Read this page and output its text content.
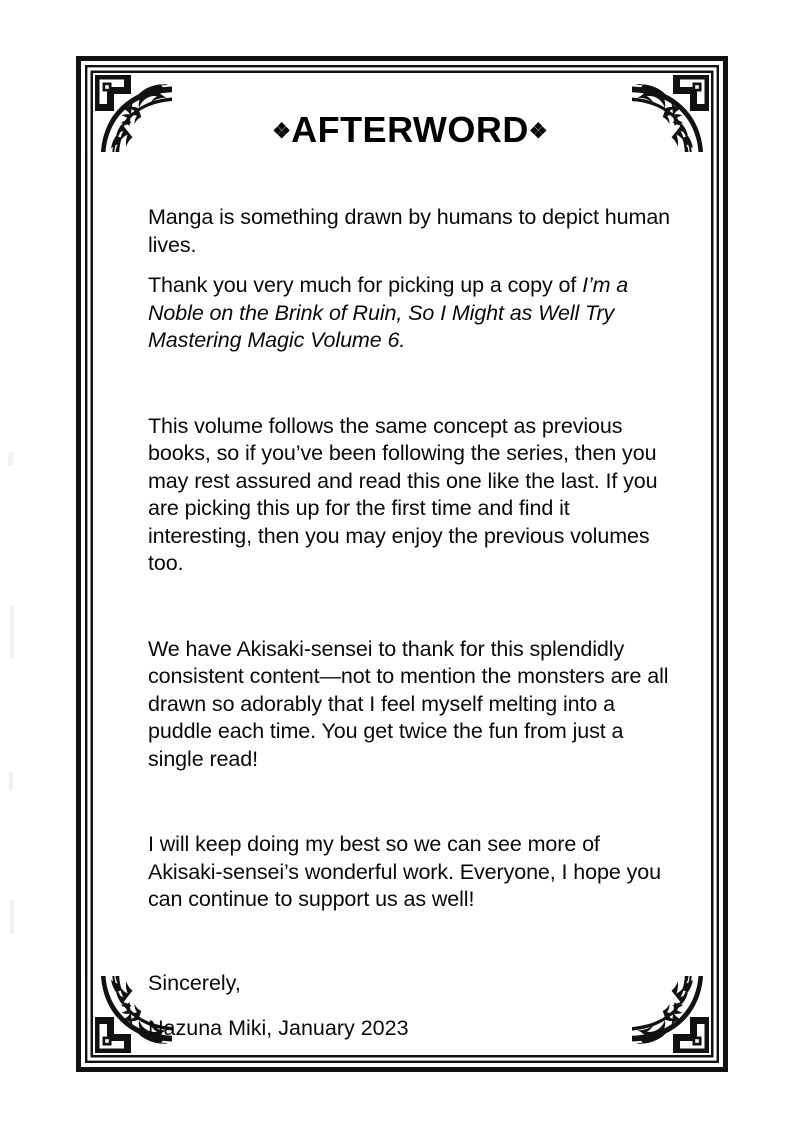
❖AFTERWORD❖

Manga is something drawn by humans to depict human lives.

Thank you very much for picking up a copy of I’m a Noble on the Brink of Ruin, So I Might as Well Try Mastering Magic Volume 6.

This volume follows the same concept as previous books, so if you’ve been following the series, then you may rest assured and read this one like the last. If you are picking this up for the first time and find it interesting, then you may enjoy the previous volumes too.

We have Akisaki-sensei to thank for this splendidly consistent content—not to mention the monsters are all drawn so adorably that I feel myself melting into a puddle each time. You get twice the fun from just a single read!

I will keep doing my best so we can see more of Akisaki-sensei’s wonderful work. Everyone, I hope you can continue to support us as well!

Sincerely,

Nazuna Miki, January 2023
